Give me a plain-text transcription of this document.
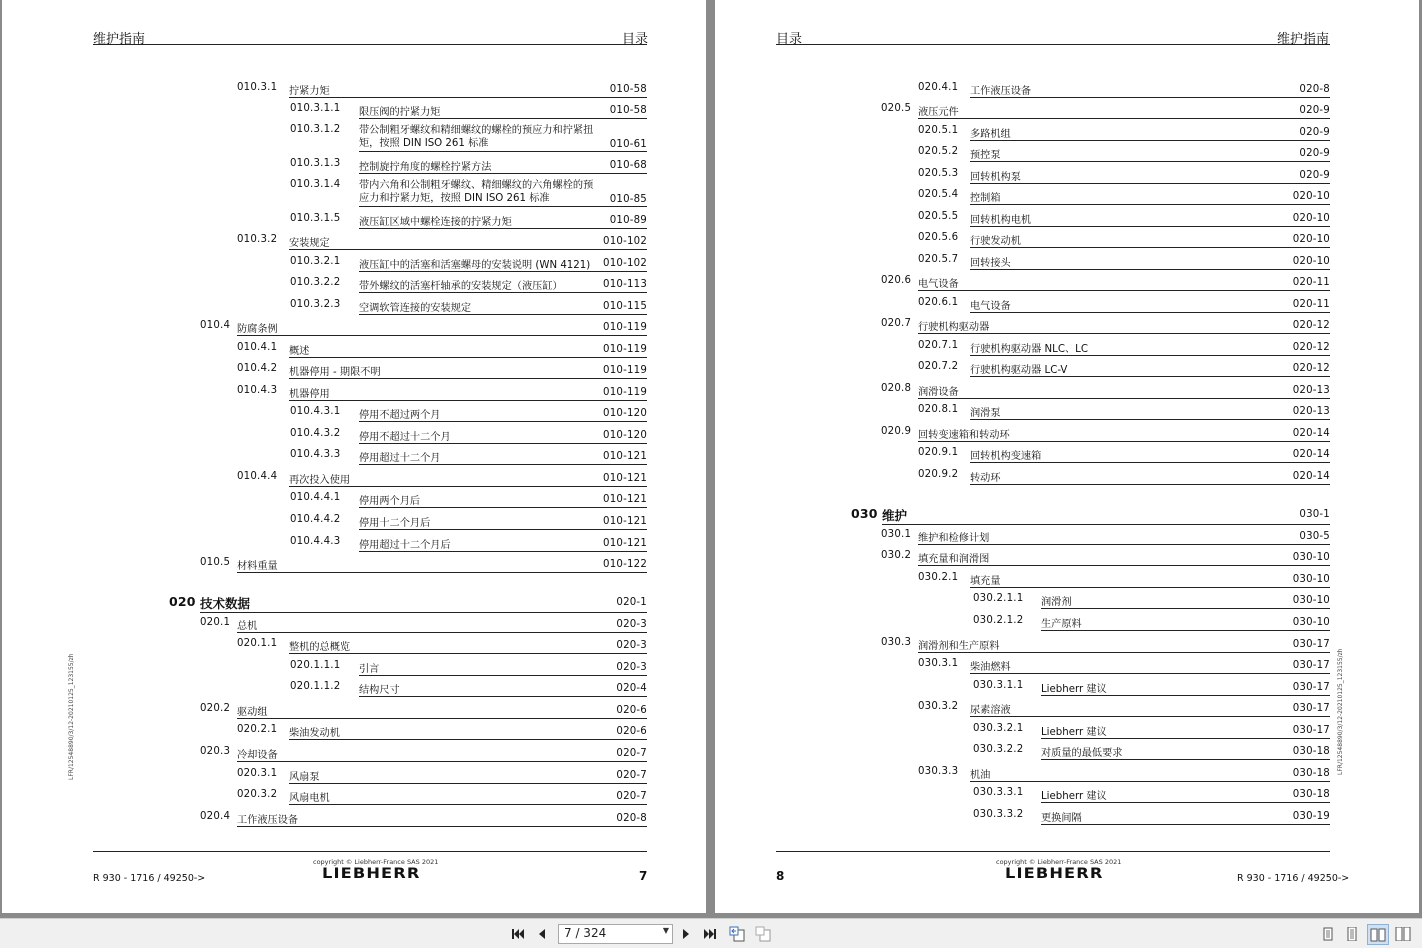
维护指南	目录
010.3.1 拧紧力矩	010-58
010.3.1.1 限压阀的拧紧力矩	010-58
010.3.1.2 带公制粗牙螺纹和精细螺纹的螺栓的预应力和拧紧扭矩，按照 DIN ISO 261 标准	010-61
010.3.1.3 控制旋拧角度的螺栓拧紧方法	010-68
010.3.1.4 带内六角和公制粗牙螺纹、精细螺纹的六角螺栓的预应力和拧紧力矩，按照 DIN ISO 261 标准	010-85
010.3.1.5 液压缸区域中螺栓连接的拧紧力矩	010-89
010.3.2 安装规定	010-102
010.3.2.1 液压缸中的活塞和活塞螺母的安装说明 (WN 4121) 010-102
010.3.2.2 带外螺纹的活塞杆轴承的安装规定（液压缸）	010-113
010.3.2.3 空调软管连接的安装规定	010-115
010.4 防腐条例	010-119
010.4.1 概述	010-119
010.4.2 机器停用 - 期限不明	010-119
010.4.3 机器停用	010-119
010.4.3.1 停用不超过两个月	010-120
010.4.3.2 停用不超过十二个月	010-120
010.4.3.3 停用超过十二个月	010-121
010.4.4 再次投入使用	010-121
010.4.4.1 停用两个月后	010-121
010.4.4.2 停用十二个月后	010-121
010.4.4.3 停用超过十二个月后	010-121
010.5 材料重量	010-122
020 技术数据	020-1
020.1 总机	020-3
020.1.1 整机的总概览	020-3
020.1.1.1 引言	020-3
020.1.1.2 结构尺寸	020-4
020.2 驱动组	020-6
020.2.1 柴油发动机	020-6
020.3 冷却设备	020-7
020.3.1 风扇泵	020-7
020.3.2 风扇电机	020-7
020.4 工作液压设备	020-8
copyright © Liebherr-France SAS 2021
LIEBHERR
R 930 - 1716 / 49250->	7
LFR/12548890/3/12-20210125_123155/zh
目录	维护指南
020.4.1 工作液压设备	020-8
020.5 液压元件	020-9
020.5.1 多路机组	020-9
020.5.2 预控泵	020-9
020.5.3 回转机构泵	020-9
020.5.4 控制箱	020-10
020.5.5 回转机构电机	020-10
020.5.6 行驶发动机	020-10
020.5.7 回转接头	020-10
020.6 电气设备	020-11
020.6.1 电气设备	020-11
020.7 行驶机构驱动器	020-12
020.7.1 行驶机构驱动器 NLC、LC	020-12
020.7.2 行驶机构驱动器 LC-V	020-12
020.8 润滑设备	020-13
020.8.1 润滑泵	020-13
020.9 回转变速箱和转动环	020-14
020.9.1 回转机构变速箱	020-14
020.9.2 转动环	020-14
030 维护	030-1
030.1 维护和检修计划	030-5
030.2 填充量和润滑图	030-10
030.2.1 填充量	030-10
030.2.1.1 润滑剂	030-10
030.2.1.2 生产原料	030-10
030.3 润滑剂和生产原料	030-17
030.3.1 柴油燃料	030-17
030.3.1.1 Liebherr 建议	030-17
030.3.2 尿素溶液	030-17
030.3.2.1 Liebherr 建议	030-17
030.3.2.2 对质量的最低要求	030-18
030.3.3 机油	030-18
030.3.3.1 Liebherr 建议	030-18
030.3.3.2 更换间隔	030-19
copyright © Liebherr-France SAS 2021
LIEBHERR	R 930 - 1716 / 49250->
8
LFR/12548890/3/12-20210125_123155/zh
7 / 324	▼
